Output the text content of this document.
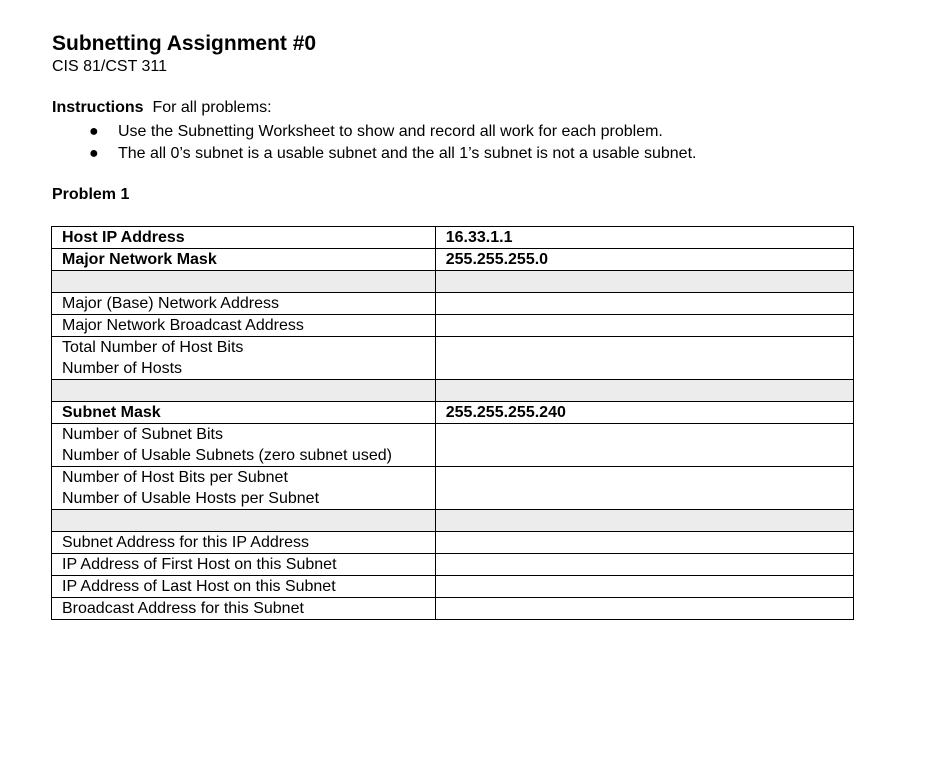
Subnetting Assignment #0
CIS 81/CST 311
Instructions For all problems:
● Use the Subnetting Worksheet to show and record all work for each problem.
● The all 0’s subnet is a usable subnet and the all 1’s subnet is not a usable subnet.
Problem 1
Host IP Address	16.33.1.1
Major Network Mask	255.255.255.0

Major (Base) Network Address	
Major Network Broadcast Address	

Total Number of Host Bits
Number of Hosts	

Subnet Mask	255.255.255.240

Number of Subnet Bits
Number of Usable Subnets (zero subnet used)	

Number of Host Bits per Subnet
Number of Usable Hosts per Subnet	

Subnet Address for this IP Address	
IP Address of First Host on this Subnet	
IP Address of Last Host on this Subnet	
Broadcast Address for this Subnet	
